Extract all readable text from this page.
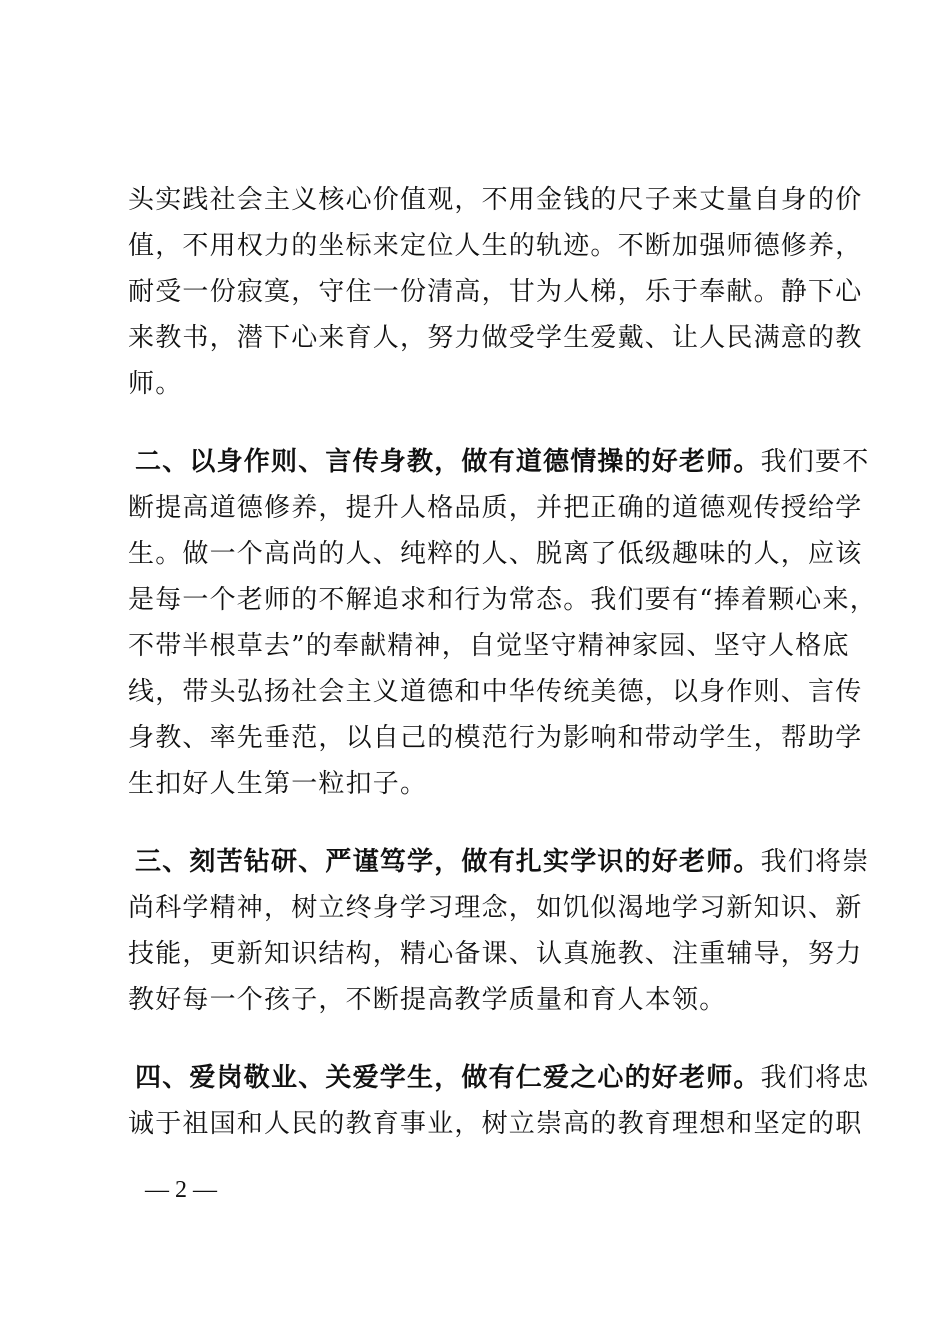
头实践社会主义核心价值观，不用金钱的尺子来丈量自身的价
值，不用权力的坐标来定位人生的轨迹。不断加强师德修养，
耐受一份寂寞，守住一份清高，甘为人梯，乐于奉献。静下心
来教书，潜下心来育人，努力做受学生爱戴、让人民满意的教
师。
二、以身作则、言传身教，做有道德情操的好老师。我们要不
断提高道德修养，提升人格品质，并把正确的道德观传授给学
生。做一个高尚的人、纯粹的人、脱离了低级趣味的人，应该
是每一个老师的不解追求和行为常态。我们要有“捧着颗心来，
不带半根草去”的奉献精神，自觉坚守精神家园、坚守人格底
线，带头弘扬社会主义道德和中华传统美德，以身作则、言传
身教、率先垂范，以自己的模范行为影响和带动学生，帮助学
生扣好人生第一粒扣子。
三、刻苦钻研、严谨笃学，做有扎实学识的好老师。我们将崇
尚科学精神，树立终身学习理念，如饥似渴地学习新知识、新
技能，更新知识结构，精心备课、认真施教、注重辅导，努力
教好每一个孩子，不断提高教学质量和育人本领。
四、爱岗敬业、关爱学生，做有仁爱之心的好老师。我们将忠
诚于祖国和人民的教育事业，树立崇高的教育理想和坚定的职
— 2 —
